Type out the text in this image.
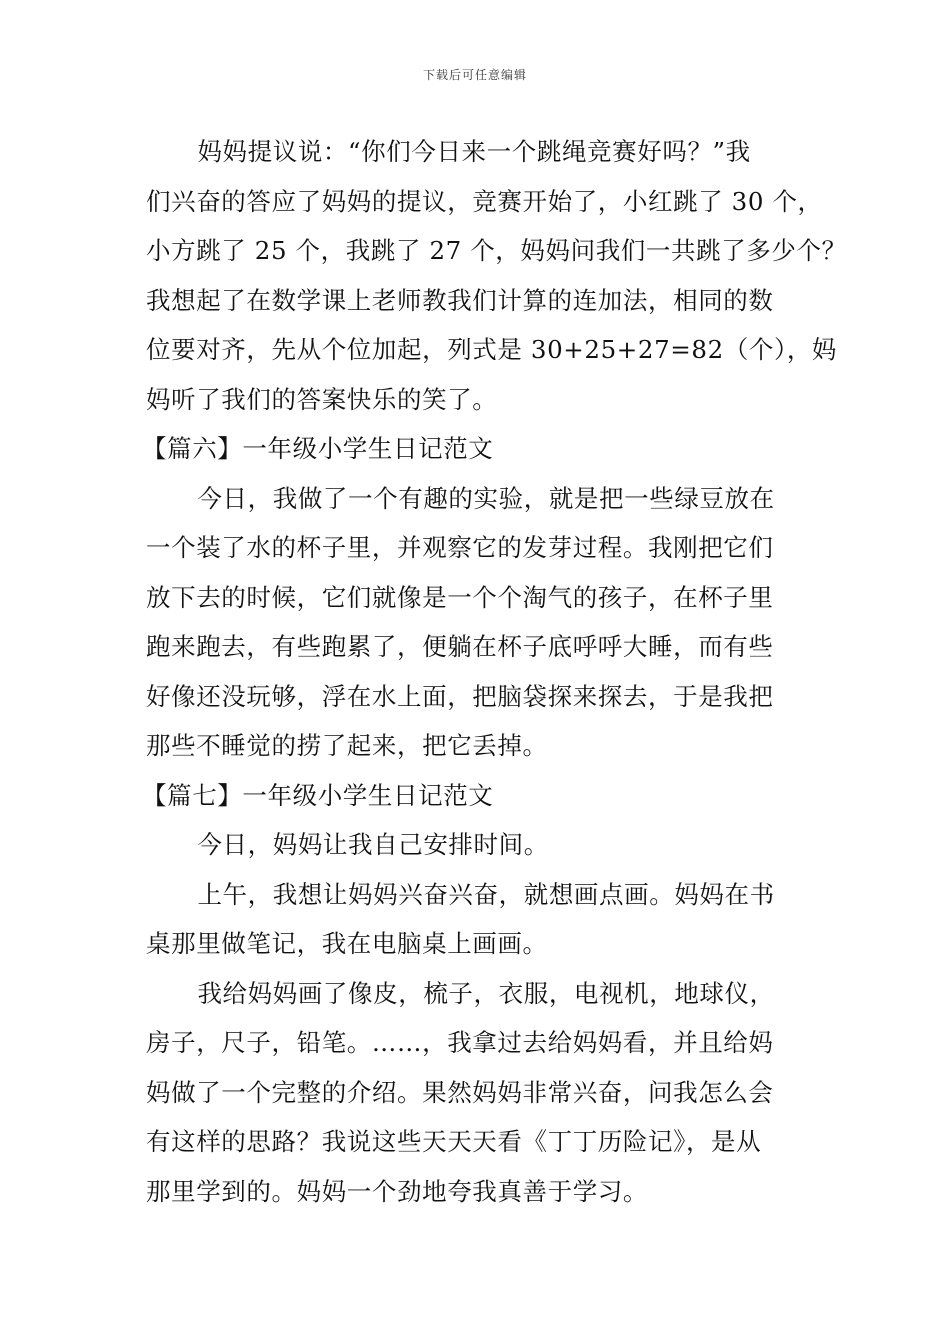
下载后可任意编辑

妈妈提议说：“你们今日来一个跳绳竞赛好吗？”我
们兴奋的答应了妈妈的提议，竞赛开始了，小红跳了 30 个，
小方跳了 25 个，我跳了 27 个，妈妈问我们一共跳了多少个？
我想起了在数学课上老师教我们计算的连加法，相同的数
位要对齐，先从个位加起，列式是 30+25+27=82（个），妈
妈听了我们的答案快乐的笑了。

【篇六】一年级小学生日记范文

今日，我做了一个有趣的实验，就是把一些绿豆放在
一个装了水的杯子里，并观察它的发芽过程。我刚把它们
放下去的时候，它们就像是一个个淘气的孩子，在杯子里
跑来跑去，有些跑累了，便躺在杯子底呼呼大睡，而有些
好像还没玩够，浮在水上面，把脑袋探来探去，于是我把
那些不睡觉的捞了起来，把它丢掉。

【篇七】一年级小学生日记范文

今日，妈妈让我自己安排时间。

上午，我想让妈妈兴奋兴奋，就想画点画。妈妈在书
桌那里做笔记，我在电脑桌上画画。

我给妈妈画了像皮，梳子，衣服，电视机，地球仪，
房子，尺子，铅笔。……，我拿过去给妈妈看，并且给妈
妈做了一个完整的介绍。果然妈妈非常兴奋，问我怎么会
有这样的思路？我说这些天天天看《丁丁历险记》，是从
那里学到的。妈妈一个劲地夸我真善于学习。
